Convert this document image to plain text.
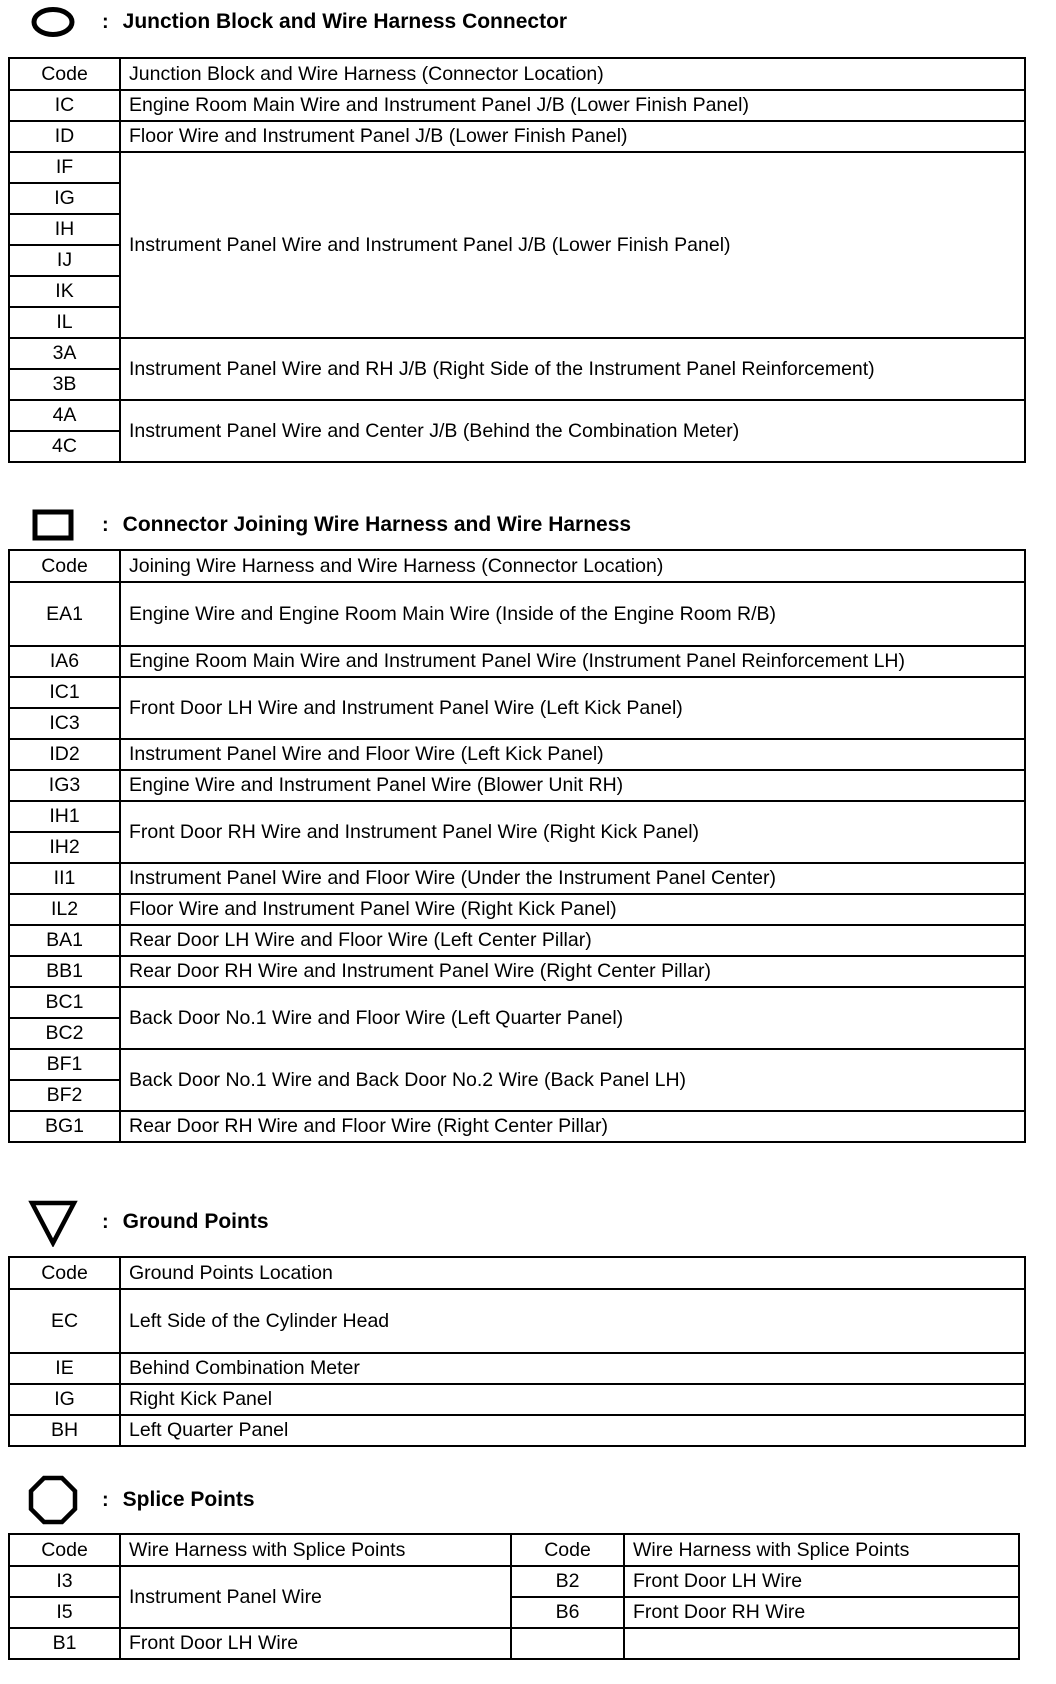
: Junction Block and Wire Harness Connector
Code	Junction Block and Wire Harness (Connector Location)
IC	Engine Room Main Wire and Instrument Panel J/B (Lower Finish Panel)
ID	Floor Wire and Instrument Panel J/B (Lower Finish Panel)
IF	Instrument Panel Wire and Instrument Panel J/B (Lower Finish Panel)
IG	
IH	
IJ	
IK	
IL	
3A	Instrument Panel Wire and RH J/B (Right Side of the Instrument Panel Reinforcement)
3B	
4A	Instrument Panel Wire and Center J/B (Behind the Combination Meter)
4C	
: Connector Joining Wire Harness and Wire Harness
Code	Joining Wire Harness and Wire Harness (Connector Location)
EA1	Engine Wire and Engine Room Main Wire (Inside of the Engine Room R/B)
IA6	Engine Room Main Wire and Instrument Panel Wire (Instrument Panel Reinforcement LH)
IC1	Front Door LH Wire and Instrument Panel Wire (Left Kick Panel)
IC3	
ID2	Instrument Panel Wire and Floor Wire (Left Kick Panel)
IG3	Engine Wire and Instrument Panel Wire (Blower Unit RH)
IH1	Front Door RH Wire and Instrument Panel Wire (Right Kick Panel)
IH2	
II1	Instrument Panel Wire and Floor Wire (Under the Instrument Panel Center)
IL2	Floor Wire and Instrument Panel Wire (Right Kick Panel)
BA1	Rear Door LH Wire and Floor Wire (Left Center Pillar)
BB1	Rear Door RH Wire and Instrument Panel Wire (Right Center Pillar)
BC1	Back Door No.1 Wire and Floor Wire (Left Quarter Panel)
BC2	
BF1	Back Door No.1 Wire and Back Door No.2 Wire (Back Panel LH)
BF2	
BG1	Rear Door RH Wire and Floor Wire (Right Center Pillar)
: Ground Points
Code	Ground Points Location
EC	Left Side of the Cylinder Head
IE	Behind Combination Meter
IG	Right Kick Panel
BH	Left Quarter Panel
: Splice Points
Code	Wire Harness with Splice Points	Code	Wire Harness with Splice Points
I3	Instrument Panel Wire	B2	Front Door LH Wire
I5		B6	Front Door RH Wire
B1	Front Door LH Wire		
